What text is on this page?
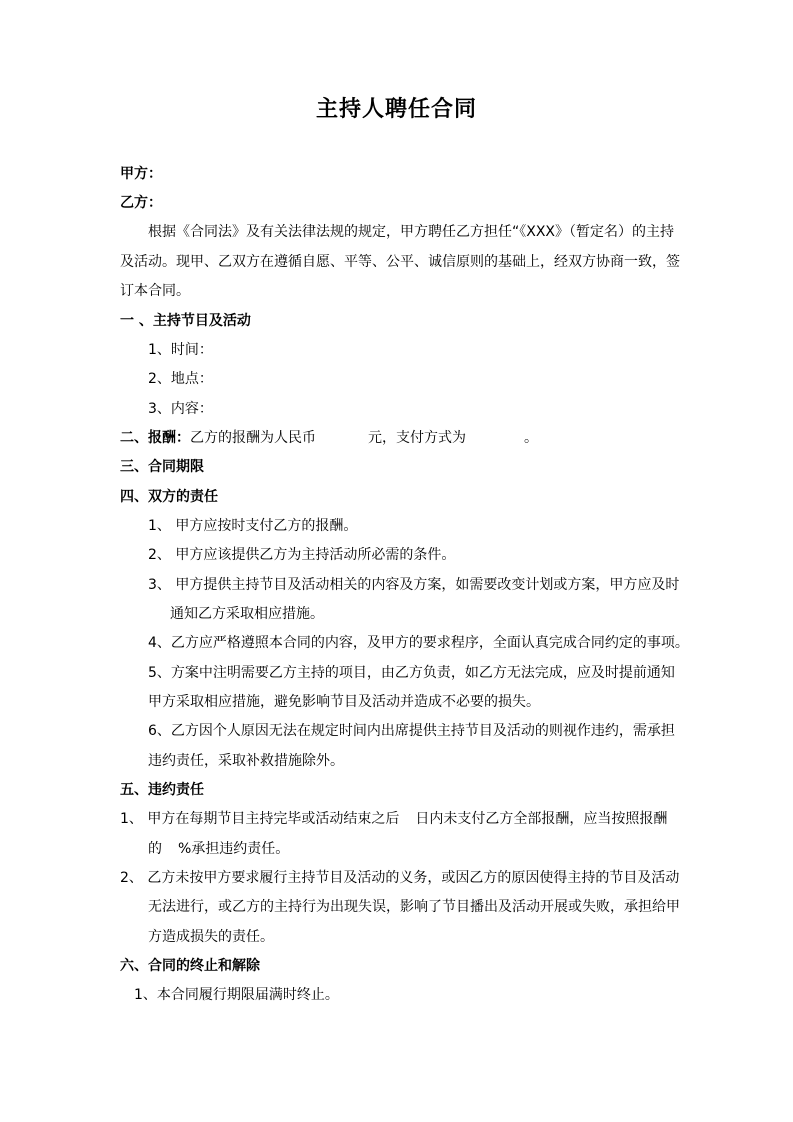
主持人聘任合同
甲方：
乙方：
根据《合同法》及有关法律法规的规定，甲方聘任乙方担任“《XXX》（暂定名）的主持
及活动。现甲、乙双方在遵循自愿、平等、公平、诚信原则的基础上，经双方协商一致，签
订本合同。
一 、主持节目及活动
1、时间：
2、地点：
3、内容：
二、报酬：乙方的报酬为人民币	元，支付方式为	。
三、合同期限
四、双方的责任
1、 甲方应按时支付乙方的报酬。
2、 甲方应该提供乙方为主持活动所必需的条件。
3、 甲方提供主持节目及活动相关的内容及方案，如需要改变计划或方案，甲方应及时
通知乙方采取相应措施。
4、乙方应严格遵照本合同的内容，及甲方的要求程序，全面认真完成合同约定的事项。
5、方案中注明需要乙方主持的项目，由乙方负责，如乙方无法完成，应及时提前通知
甲方采取相应措施，避免影响节目及活动并造成不必要的损失。
6、乙方因个人原因无法在规定时间内出席提供主持节目及活动的则视作违约，需承担
违约责任，采取补救措施除外。
五、违约责任
1、 甲方在每期节目主持完毕或活动结束之后 日内未支付乙方全部报酬，应当按照报酬
的 %承担违约责任。
2、 乙方未按甲方要求履行主持节目及活动的义务，或因乙方的原因使得主持的节目及活动
无法进行，或乙方的主持行为出现失误，影响了节目播出及活动开展或失败，承担给甲
方造成损失的责任。
六、合同的终止和解除
1、本合同履行期限届满时终止。
